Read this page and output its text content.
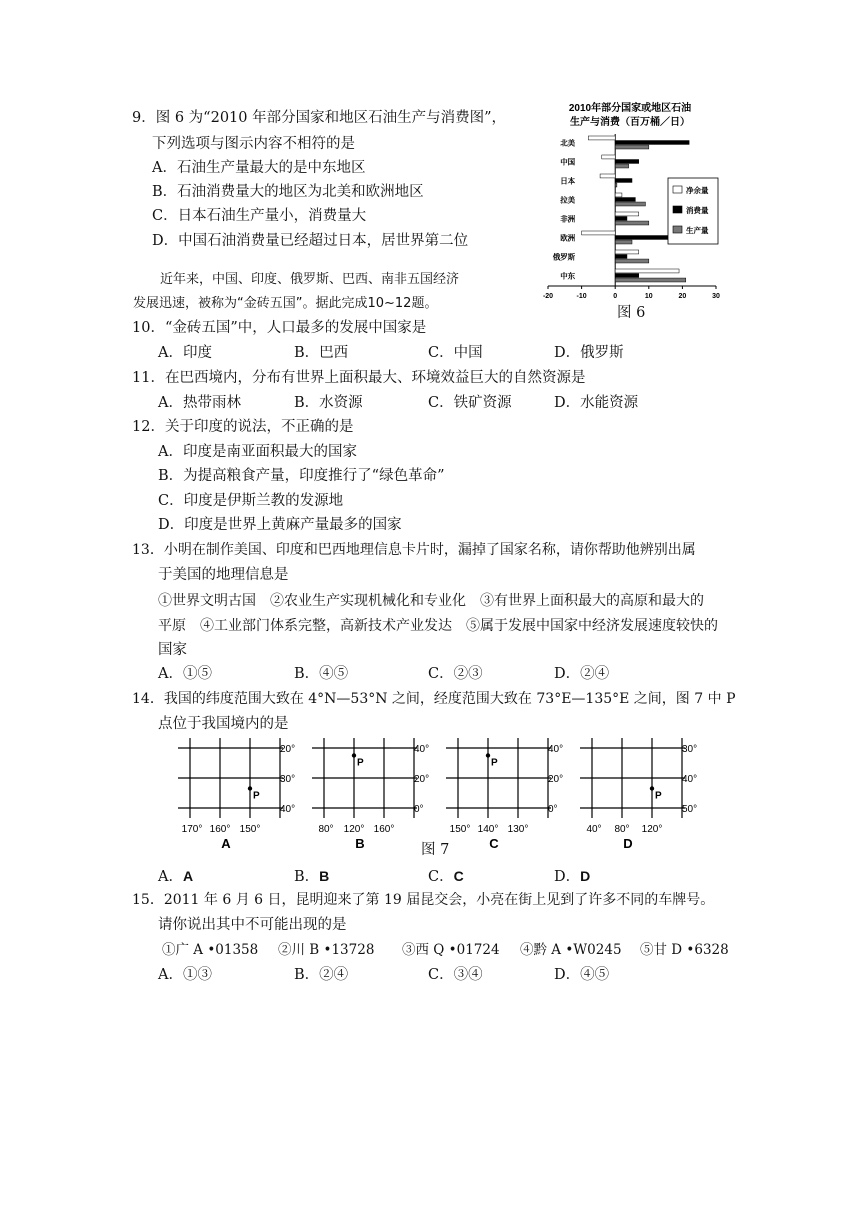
9．图 6 为“2010 年部分国家和地区石油生产与消费图”，
下列选项与图示内容不相符的是
A．石油生产量最大的是中东地区
B．石油消费量大的地区为北美和欧洲地区
C．日本石油生产量小，消费量大
D．中国石油消费量已经超过日本，居世界第二位
近年来，中国、印度、俄罗斯、巴西、南非五国经济
发展迅速，被称为“金砖五国”。据此完成10~12题。
2010年部分国家或地区石油
生产与消费（百万桶／日）
-20	-10	0	10	20	30
北美
中国
日本
拉美
非洲
欧洲
俄罗斯
中东
净余量
消费量
生产量
图 6
10．“金砖五国”中，人口最多的发展中国家是
A．印度	B．巴西	C．中国	D．俄罗斯
11．在巴西境内，分布有世界上面积最大、环境效益巨大的自然资源是
A．热带雨林	B．水资源	C．铁矿资源	D．水能资源
12．关于印度的说法，不正确的是
A．印度是南亚面积最大的国家
B．为提高粮食产量，印度推行了“绿色革命”
C．印度是伊斯兰教的发源地
D．印度是世界上黄麻产量最多的国家
13．小明在制作美国、印度和巴西地理信息卡片时，漏掉了国家名称，请你帮助他辨别出属
于美国的地理信息是
①世界文明古国　②农业生产实现机械化和专业化　③有世界上面积最大的高原和最大的
平原　④工业部门体系完整，高新技术产业发达　⑤属于发展中国家中经济发展速度较快的
国家
A．①⑤	B．④⑤	C．②③	D．②④
14．我国的纬度范围大致在 4°N—53°N 之间，经度范围大致在 73°E—135°E 之间，图 7 中 P
点位于我国境内的是
20°
30°
40°
170° 160° 150°
P
A
40°
20°
0°
80° 120° 160°
P
B
40°
20°
0°
150° 140° 130°
P
C
30°
40°
50°
40° 80° 120°
P
D
图 7
A．A	B．B	C．C	D．D
15．2011 年 6 月 6 日，昆明迎来了第 19 届昆交会，小亮在街上见到了许多不同的车牌号。
请你说出其中不可能出现的是
①广 A •01358 ②川 B •13728 ③西 Q •01724 ④黔 A •W0245 ⑤甘 D •6328
A．①③	B．②④	C．③④	D．④⑤
